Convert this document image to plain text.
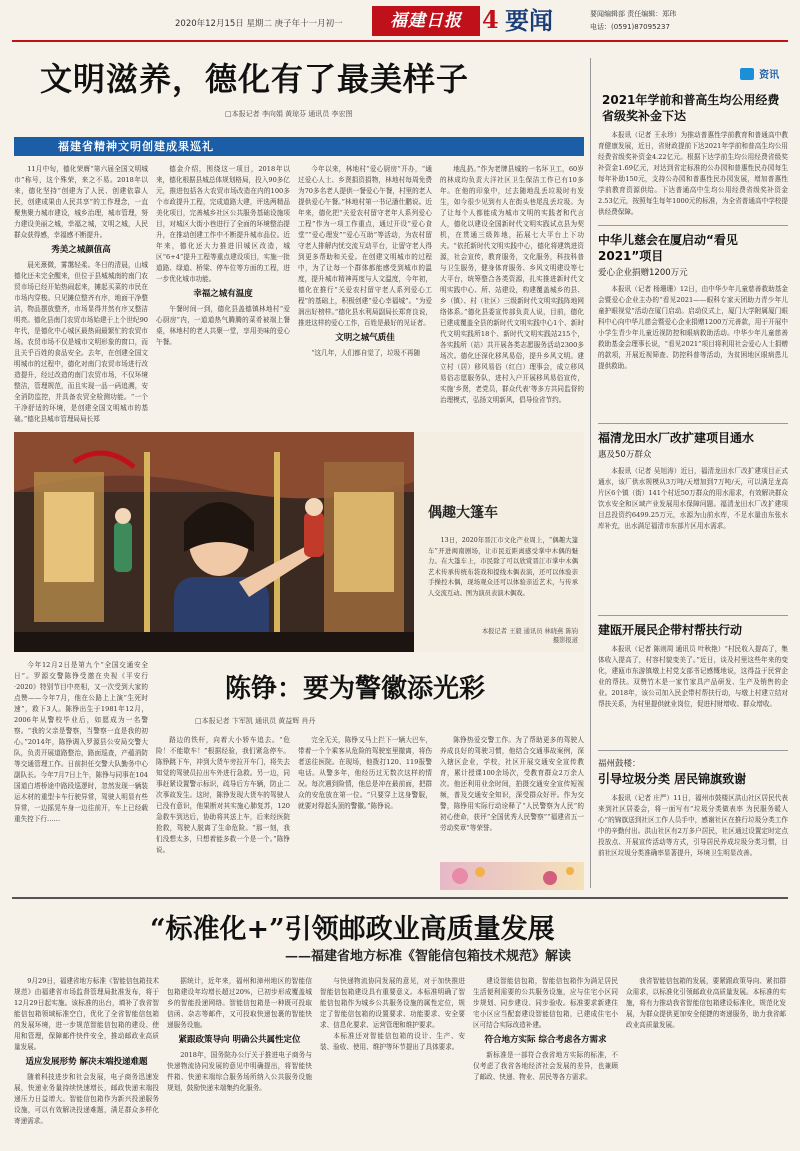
2020年12月15日 星期二 庚子年十一月初一	福建日报 4 要闻	要闻编辑部 责任编辑：郑玮
电话：(0591)87095237
文明滋养，德化有了最美样子
□本报记者 李向娟 黄琼芬 通讯员 李宏图
福建省精神文明创建成果巡礼

11月中旬，德化荣膺“第六届全国文明城市”称号，这个殊荣，来之不易。2018年以来，德化坚持“创建为了人民、创建依靠人民，创建成果由人民共享”的工作理念，一直聚焦聚力城市建设，城乡治理，城市管理，努力建设美丽之城，幸福之城，文明之城，人民群众获得感，幸福感不断提升。

秀美之城颜值高

晨光熹微，雾霭轻柔。冬日的清晨，山城德化还未完全醒来，但位于县城城南的南门农贸市场已经开始热闹起来，摊起买菜的市民在市场内穿梭。只见摊位整齐有序，地面干净整洁，物品摆放整齐，市场显得井然有序又整洁明亮。德化县南门农贸市场始建于上个世纪90年代，是德化中心城区最热闹最繁忙的农贸市场。农贸市场不仅是城市文明形象的窗口，而且关乎百姓的食品安全。去年，在创建全国文明城市的过程中，德化对南门农贸市场进行改造提升，经过改造的南门农贸市场，不仅环境整洁，管理规范，而且实现一品一码追溯，安全消防监控，并具备农贸全检测功能。“一个干净舒适的环境，是创建全国文明城市的基础。”德化县城市管理局局长郑

德金介绍，围绕这一项目，2018年以来，德化根据县城总体规划格局，投入90多亿元，推进包括各大农贸市场改造在内的100多个市政提升工程，完成道路大建，评选两精品美化项目，完善城乡社区公共服务基础设施项目，对城区大街小巷进行了全面的环境整治提升，在推动创建工作中不断提升城市品位。近年来，德化还大力推进旧城区改造，城区“6+4”提升工程等重点建设项目，实施一批道路、绿道、桥梁、停车位等方面的工程，进一步优化城市功能。

幸福之城有温度

午餐时间一到，德化县盖德镇林地村“爱心厨房”内，一道道热气腾腾的菜肴被端上餐桌，林地村的老人共聚一堂，享用美味的爱心午餐。

今年以来，林地村“爱心厨房”开办，“通过爱心人士、乡贤捐资捐物，林地村每周免费为70多名老人提供一餐爱心午餐，村里的老人提供爱心午餐。”林地村第一书记潘仕鹏说。近年来，德化把“关爱农村留守老年人系列爱心工程”作为一项工作重点，通过开设“爱心食堂”“爱心理发”“爱心互助”等活动，为农村留守老人排解内忧交流互动平台，让留守老人得到更多帮助和关爱。在创建文明城市的过程中，为了让每一个群体都能感受到城市的温度，提升城市精神再度与人文温度，今年初，德化在推行“关爱农村留守老人系列爱心工程”的基础上，积极创建“爱心幸福城”。“为爱润出好榜样。”德化县水利局副局长郑育良说，推进这样的爱心工作，百姓是最好的见证者。

文明之城气质佳

“这几年，人们都自觉了，垃圾不再随

地乱扔。”作为老牌县城的一名环卫工，60岁的林成均负责大洋社区卫生保洁工作已有10多年。在他的印象中，过去随地乱丢垃圾时有发生，如今很少见到有人在街头巷尾乱丢垃圾。为了让每个人都能成为城市文明的实践者和代言人，德化以建设全国新时代文明实践试点县为契机，在贯通三级阵地，拓展七大平台上下功夫。“依托新时代文明实践中心，德化将建筑进资源，社会宣传，教育服务，文化服务，科技科普与卫生服务，健身体育服务、乡风文明建设等七大平台，统筹整合各类资源，扎实推进新时代文明实践中心、所、站建设，构建覆盖城乡的县、乡（镇）、村（社区）三级新时代文明实践阵地网络体系。”德化县委宣传部负责人说，目前，德化已建成覆盖全县的新时代文明实践中心1个、新时代文明实践所18个、新时代文明实践站215个，各实践所（站）共开展各类志愿服务活动2300多场次。德化还深化移风易俗，提升乡风文明。建立村（居）移风易俗（红白）理事会，成立移风易俗志愿服务队，进村入户开展移风易俗宣传，实施‘乡贤，老党员，群众代表’等多方共同监督的治理模式，弘扬文明新风，倡导俭省节约。

偶趣大篷车
13日，2020年晋江市文化产业周上，“偶趣大篷车”开进闽南剧场，让市民近距离感受掌中木偶的魅力。在大篷车上，市民除了可以欣赏晋江市掌中木偶艺术传承传统布袋戏和提线木偶表演，还可以体验亲手操控木偶，现场观众还可以体验亲近艺术，与传承人交流互动。图为演员表演木偶戏。
本报记者 王毅 通讯员 林晓燕 陈钧 摄影报道
今年12月2日是第九个“全国交通安全日”。罗源交警陈铮受邀在央视《平安行·2020》特别节目中亮相，又一次受到大家的点赞——今年7月，他在公路上上演“生死时速”，救下3人。陈铮出生于1981年12月，2006年从警校毕业后，如愿成为一名警察。“我的父亲是警察，当警察一直是我的初心。”2014年，陈铮调入罗源县公安局交警大队，负责开展道路整治，路面巡查，产蕴消防等交通管理工作。日前担任交警大队勤务中心副队长。今年7月7日上午，陈铮与同事在104国道白塔桥途中路段巡逻时，忽然发现一辆装运木材的重型卡车行驶异常，驾驶人明显有些异常，一边摇晃车身一边往前开，车上已经载重失控下行……
陈铮：要为警徽添光彩
□本报记者 卞军凯 通讯员 黄益辉 肖丹
路边的铁杆，向着大小轿车追去。“危险！不能歇车！”根据经验，我们紧急停车。陈铮跳下车，冲到大货车旁拉开车门，将失去知觉的驾驶员拉出车外进行急救。另一边，同事赶紧设置警示标识，疏导后方车辆，防止二次事故发生。这时，陈铮发现大货车的驾驶人已没有意识，他果断对其实施心肺复苏，120急救车到达后，协助将其送上车，后来经医院抢救，驾驶人脱离了生命危险。“那一刻，我们没想太多，只想着能多救一个是一个。”陈铮说。
完全无关，陈铮又马上拦下一辆大巴车，带着一个个乘客从危险的驾驶室里撤离，将伤者送往医院。在现场，他拨打120、119报警电话。从警多年，他经历过无数次这样的情况。每次遇到险情，他总是冲在最前面，把群众的安危放在第一位。“只要穿上这身警服，就要对得起头顶的警徽。”陈铮说。
陈铮热爱交警工作。为了帮助更多的驾驶人养成良好的驾驶习惯，他结合交通事故案例，深入辖区企业，学校，社区开展交通安全宣传教育，累计授课100余场次，受教育群众2万余人次。他还利用业余时间，拍摄交通安全宣传短视频，普及交通安全知识，深受群众好评。作为交警，陈铮用实际行动诠释了“人民警察为人民”的初心使命，获评“全国优秀人民警察”“福建省五一劳动奖章”等荣誉。
资讯
2021年学前和普高生均公用经费省级奖补金下达
本报讯（记者 王永珍）为推动普惠性学前教育和普通高中教育健康发展，近日，省财政提前下达2021年学前和普高生均公用经费省级奖补资金4.22亿元。根据下达学前生均公用经费省级奖补资金1.69亿元，对达到省定标准的公办园和普惠性民办园每生每年补助150元，支持公办园和普惠性民办园发展，增加普惠性学前教育资源供给。下达普通高中生均公用经费省级奖补资金2.53亿元，按照每生每年1000元的标准，为全省普通高中学校提供经费保障。
中华儿慈会在厦启动“看见2021”项目
爱心企业捐赠1200万元
本报讯（记者 杨珊珊）12日，由中华少年儿童慈善救助基金会暨爱心企业主办的“看见2021——眼科专家天团助力青少年儿童护眼视觉”活动在厦门启动。启动仪式上，厦门大学附属厦门眼科中心向中华儿慈会暨爱心企业捐赠1200万元善款，用于开展中小学生青少年儿童近视防控和眼病救助活动。中华少年儿童慈善救助基金会理事长说，“看见2021”项目将利用社会爱心人士捐赠的款项，开展近视筛查、防控科普等活动，为贫困地区眼病患儿提供救助。
福清龙田水厂改扩建项目通水
惠及50万群众
本报讯（记者 吴旭涛）近日，福清龙田水厂改扩建项目正式通水，该厂供水规模从3万吨/天增加到7万吨/天，可以满足龙高片区6个镇（街）141个村近50万群众的用水需求，有效解决群众饮水安全和区域产业发展用水保障问题。福清龙田水厂改扩建项目总投资约6499.25万元，水源为山前水库，不足水量由东张水库补充，出水满足福清市东部片区用水需求。
建瓯开展民企带村帮扶行动
本报讯（记者 陈则周 通讯员 叶秋艳）“村民收入提高了，集体收入提高了，村容村貌变美了。”近日，谈及村里这些年来的变化，建瓯市东游镇墩上村党支部书记感慨地说，这得益于民营企业的帮扶。双赞竹木是一家竹家具产品研发、生产及销售的企业。2018年，该公司加入民企带村帮扶行动，与墩上村建立结对帮扶关系，为村里提供就业岗位，促进村财增收、群众增收。
福州鼓楼：
引导垃圾分类 居民锦旗致谢
本报讯（记者 庄严）11日，福州市鼓楼区洪山社区居民代表来到社区居委会，将一面写有“垃圾分类做表率 为民服务暖人心”的锦旗送到社区工作人员手中，感谢社区在推行垃圾分类工作中的辛勤付出。洪山社区有2万多户居民，社区通过设置定时定点投放点、开展宣传活动等方式，引导居民养成垃圾分类习惯，目前社区垃圾分类准确率显著提升，环境卫生明显改善。
“标准化+”引领邮政业高质量发展
——福建省地方标准《智能信包箱技术规范》解读

9月29日，福建省地方标准《智能信包箱技术规范》由福建省市场监督管理局批准发布，将于12月29日起实施。该标准的出台，填补了我省智能信包箱领域标准空白，优化了全省智能信包箱的发展环境，进一步规范智能信包箱的建设、使用和管理，保障邮件快件安全，推动邮政业高质量发展。

适应发展形势 解决末端投递难题

随着科技进步和社会发展，电子商务迅速发展，快递业务量持续快速增长，邮政快递末端投递压力日益增大。智能信包箱作为新兴投递服务设施，可以有效解决投递难题，满足群众多样化寄递需求。

据统计，近年来，福州和漳州地区的智能信包箱建设年均增长超过20%，已初步形成覆盖城乡的智能投递网络。智能信包箱是一种既可投取信函、杂志等邮件，又可投取快递包裹的智能快递服务设施。

紧跟政策导向 明确公共属性定位

2018年，国务院办公厅关于推进电子商务与快递物流协同发展的意见中明确提出，将智能快件箱、快递末端综合服务场所纳入公共服务设施规划，鼓励快递末端集约化服务。

与快递物流协同发展的意见，对于加快推进智能信包箱建设具有重要意义。本标准明确了智能信包箱作为城乡公共服务设施的属性定位，规定了智能信包箱的设置要求、功能要求、安全要求、信息化要求、运营管理和维护要求。

本标准还对智能信包箱的设计、生产、安装、验收、使用、维护等环节提出了具体要求。

建设智能信包箱，智能信包箱作为满足居民生活便利需要的公共服务设施，应与住宅小区同步规划、同步建设、同步验收。标准要求新建住宅小区应当配套建设智能信包箱，已建成住宅小区可结合实际改造补建。

符合地方实际 综合考虑各方需求

新标准是一部符合我省地方实际的标准，不仅考虑了我省各地经济社会发展的差异，也兼顾了邮政、快递、物业、居民等各方需求。

我省智能信包箱的发展，要紧跟政策导向、紧扣群众需求，以标准化引领邮政业高质量发展。本标准的实施，将有力推动我省智能信包箱建设标准化，规范化发展，为群众提供更加安全便捷的寄递服务，助力我省邮政业高质量发展。
